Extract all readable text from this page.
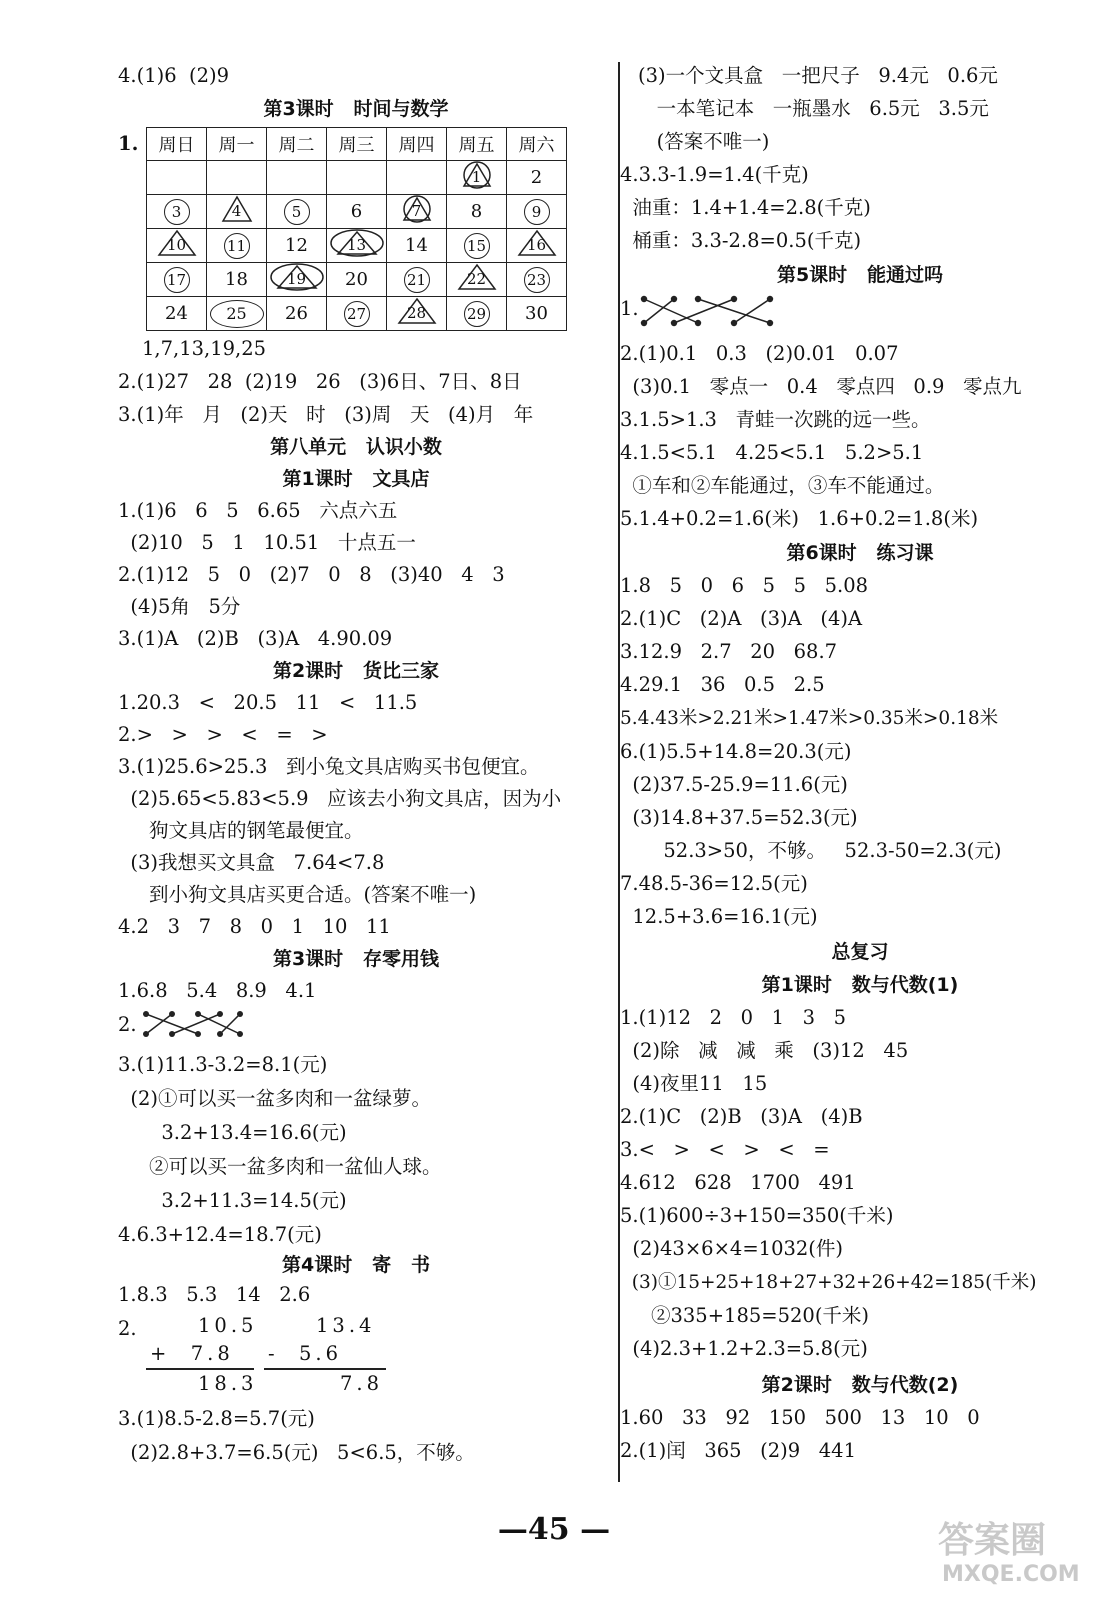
4.(1)6  (2)9
第3课时   时间与数学
1. 周日	周一	周二	周三	周四	周五	周六

					1	2
3	4	5	6	7	8	9

10	11	12	13	14	15	16

17	18	19	20	21	22	23
24	25	26	27	28	29	30
1,7,13,19,25
2.(1)27   28  (2)19   26   (3)6日、7日、8日
3.(1)年   月   (2)天   时   (3)周   天   (4)月   年
第八单元   认识小数
第1课时   文具店
1.(1)6   6   5   6.65   六点六五
(2)10   5   1   10.51   十点五一
2.(1)12   5   0   (2)7   0   8   (3)40   4   3
(4)5角   5分
3.(1)A   (2)B   (3)A   4.90.09
第2课时   货比三家
1.20.3   <   20.5   11   <   11.5
2.>   >   >   <   =   >
3.(1)25.6>25.3   到小兔文具店购买书包便宜。
(2)5.65<5.83<5.9   应该去小狗文具店，因为小
狗文具店的钢笔最便宜。
(3)我想买文具盒   7.64<7.8
到小狗文具店买更合适。(答案不唯一)
4.2   3   7   8   0   1   10   11
第3课时   存零用钱
1.6.8   5.4   8.9   4.1
2.
3.(1)11.3-3.2=8.1(元)
(2)①可以买一盆多肉和一盆绿萝。
3.2+13.4=16.6(元)
②可以买一盆多肉和一盆仙人球。
3.2+11.3=14.5(元)
4.6.3+12.4=18.7(元)
第4课时   寄   书
1.8.3   5.3   14   2.6
2.	10.5
+  7.8
18.3
13.4
-  5.6
7.8
3.(1)8.5-2.8=5.7(元)
(2)2.8+3.7=6.5(元)   5<6.5，不够。
(3)一个文具盒   一把尺子   9.4元   0.6元
一本笔记本   一瓶墨水   6.5元   3.5元
(答案不唯一)
4.3.3-1.9=1.4(千克)
油重：1.4+1.4=2.8(千克)
桶重：3.3-2.8=0.5(千克)
第5课时   能通过吗
1.
2.(1)0.1   0.3   (2)0.01   0.07
(3)0.1   零点一   0.4   零点四   0.9   零点九
3.1.5>1.3   青蛙一次跳的远一些。
4.1.5<5.1   4.25<5.1   5.2>5.1
①车和②车能通过，③车不能通过。
5.1.4+0.2=1.6(米)   1.6+0.2=1.8(米)
第6课时   练习课
1.8   5   0   6   5   5   5.08
2.(1)C   (2)A   (3)A   (4)A
3.12.9   2.7   20   68.7
4.29.1   36   0.5   2.5
5.4.43米>2.21米>1.47米>0.35米>0.18米
6.(1)5.5+14.8=20.3(元)
(2)37.5-25.9=11.6(元)
(3)14.8+37.5=52.3(元)
52.3>50，不够。   52.3-50=2.3(元)
7.48.5-36=12.5(元)
12.5+3.6=16.1(元)
总复习
第1课时   数与代数(1)
1.(1)12   2   0   1   3   5
(2)除   减   减   乘   (3)12   45
(4)夜里11   15
2.(1)C   (2)B   (3)A   (4)B
3.<   >   <   >   <   =
4.612   628   1700   491
5.(1)600÷3+150=350(千米)
(2)43×6×4=1032(件)
(3)①15+25+18+27+32+26+42=185(千米)
②335+185=520(千米)
(4)2.3+1.2+2.3=5.8(元)
第2课时   数与代数(2)
1.60   33   92   150   500   13   10   0
2.(1)闰   365   (2)9   441
—45 —	答案圈
MXQE.COM
